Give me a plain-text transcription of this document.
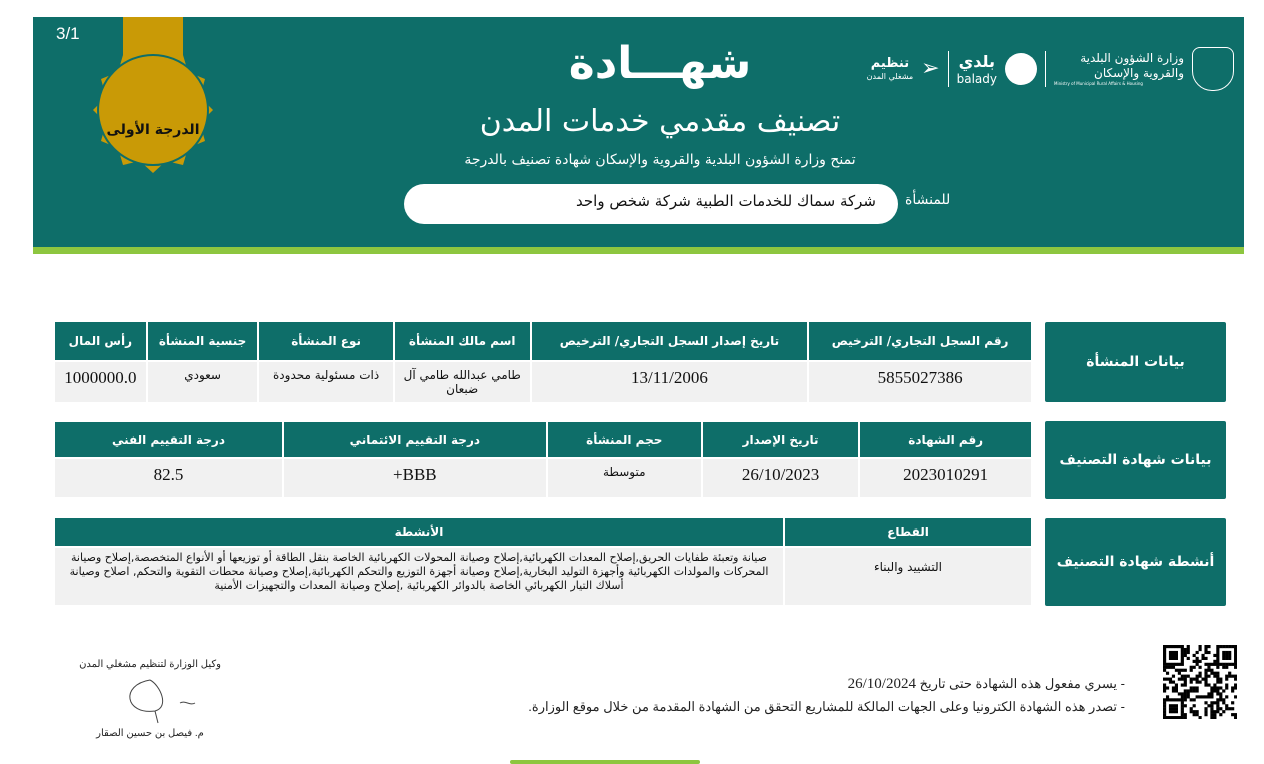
3/1
الدرجة الأولى
شهـــادة
تصنيف مقدمي خدمات المدن
تمنح وزارة الشؤون البلدية والقروية والإسكان شهادة تصنيف بالدرجة
للمنشأة
شركة سماك للخدمات الطبية شركة شخص واحد
وزارة الشؤون البلدية والقروية والإسكان
Ministry of Municipal Rural Affairs & Housing
بلدي
balady
➢
تنظيم
مشغلي المدن
بيانات المنشأة
رقم السجل التجاري/ الترخيص	تاريخ إصدار السجل التجاري/ الترخيص	اسم مالك المنشأة	نوع المنشأة	جنسية المنشأة	رأس المال
5855027386	13/11/2006	طامي عبدالله طامي آل ضبعان	ذات مسئولية محدودة	سعودي	1000000.0
بيانات شهادة التصنيف
رقم الشهادة	تاريخ الإصدار	حجم المنشأة	درجة التقييم الائتماني	درجة التقييم الفني
2023010291	26/10/2023	متوسطة	BBB+	82.5
أنشطة شهادة التصنيف
القطاع	الأنشطة
التشييد والبناء	صيانة وتعبئة طفايات الحريق,إصلاح المعدات الكهربائية,إصلاح وصيانة المحولات الكهربائية الخاصة بنقل الطاقة أو توزيعها أو الأنواع المتخصصة,إصلاح وصيانة المحركات والمولدات الكهربائية وأجهزة التوليد البخارية,إصلاح وصيانة أجهزة التوزيع والتحكم الكهربائية,إصلاح وصيانة محطات التقوية والتحكم, اصلاح وصيانة أسلاك التيار الكهربائي الخاصة بالدوائر الكهربائية ,إصلاح وصيانة المعدات والتجهيزات الأمنية
- يسري مفعول هذه الشهادة حتى تاريخ 26/10/2024
- تصدر هذه الشهادة الكترونيا وعلى الجهات المالكة للمشاريع التحقق من الشهادة المقدمة من خلال موقع الوزارة.
وكيل الوزارة لتنظيم مشغلي المدن
م. فيصل بن حسين الصقار
